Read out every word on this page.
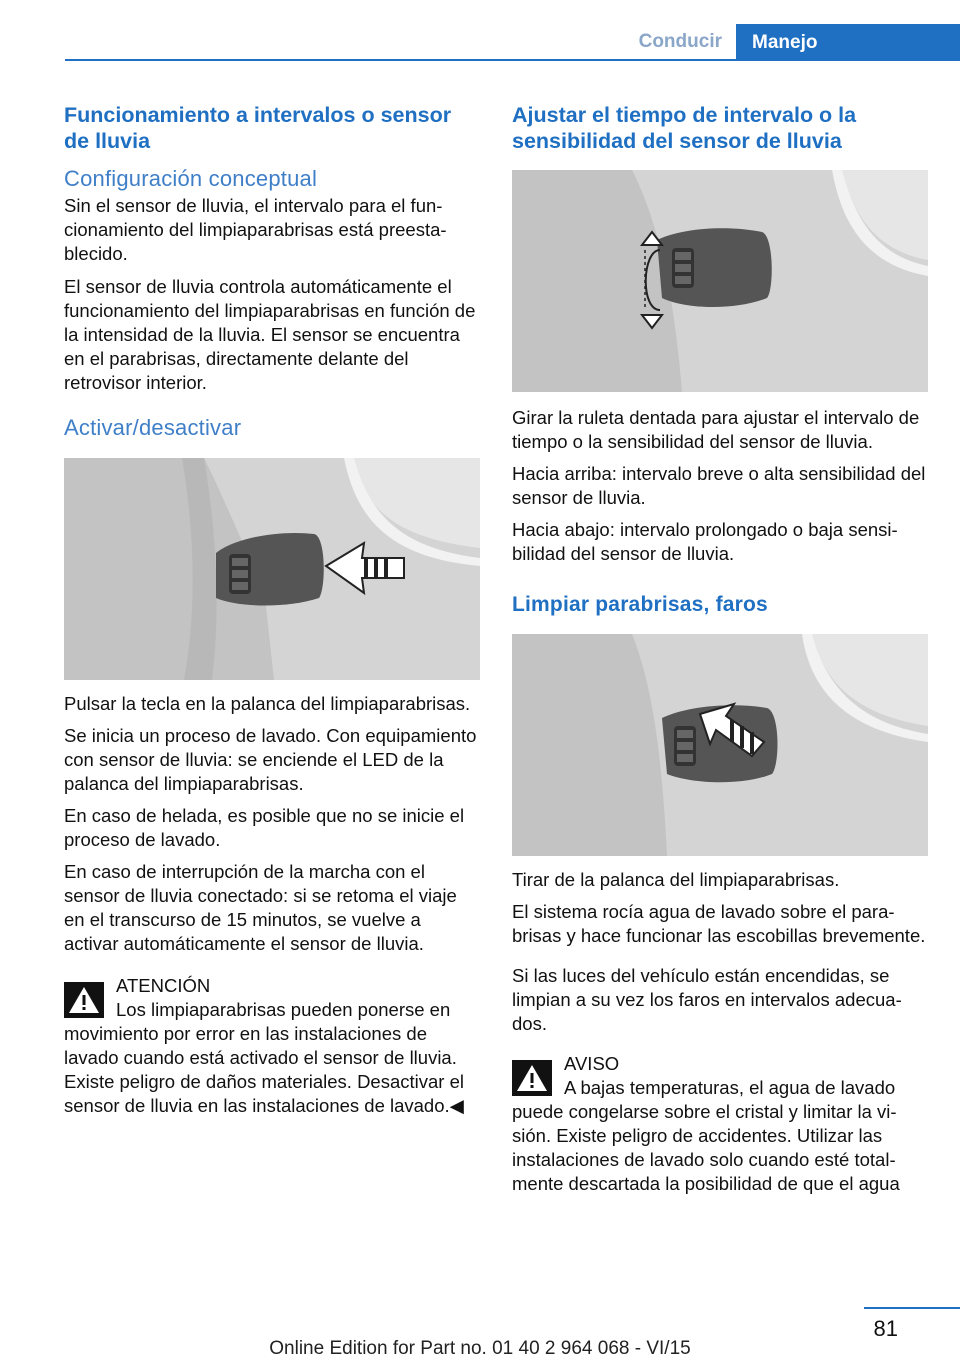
Conducir	Manejo
Funcionamiento a intervalos o sensor de lluvia
Configuración conceptual

Sin el sensor de lluvia, el intervalo para el funcionamiento del limpiaparabrisas está preestablecido.

El sensor de lluvia controla automáticamente el funcionamiento del limpiaparabrisas en función de la intensidad de la lluvia. El sensor se encuentra en el parabrisas, directamente delante del retrovisor interior.

Activar/desactivar

Pulsar la tecla en la palanca del limpiaparabrisas.

Se inicia un proceso de lavado. Con equipamiento con sensor de lluvia: se enciende el LED de la palanca del limpiaparabrisas.

En caso de helada, es posible que no se inicie el proceso de lavado.

En caso de interrupción de la marcha con el sensor de lluvia conectado: si se retoma el viaje en el transcurso de 15 minutos, se vuelve a activar automáticamente el sensor de lluvia.

ATENCIÓN

Los limpiaparabrisas pueden ponerse en

movimiento por error en las instalaciones de lavado cuando está activado el sensor de lluvia. Existe peligro de daños materiales. Desactivar el sensor de lluvia en las instalaciones de lavado.◀

Ajustar el tiempo de intervalo o la sensibilidad del sensor de lluvia

Girar la ruleta dentada para ajustar el intervalo de tiempo o la sensibilidad del sensor de lluvia.

Hacia arriba: intervalo breve o alta sensibilidad del sensor de lluvia.

Hacia abajo: intervalo prolongado o baja sensibilidad del sensor de lluvia.

Limpiar parabrisas, faros

Tirar de la palanca del limpiaparabrisas.

El sistema rocía agua de lavado sobre el parabrisas y hace funcionar las escobillas brevemente.

Si las luces del vehículo están encendidas, se limpian a su vez los faros en intervalos adecuados.

AVISO

A bajas temperaturas, el agua de lavado

puede congelarse sobre el cristal y limitar la visión. Existe peligro de accidentes. Utilizar las instalaciones de lavado solo cuando esté totalmente descartada la posibilidad de que el agua

81
Online Edition for Part no. 01 40 2 964 068 - VI/15
